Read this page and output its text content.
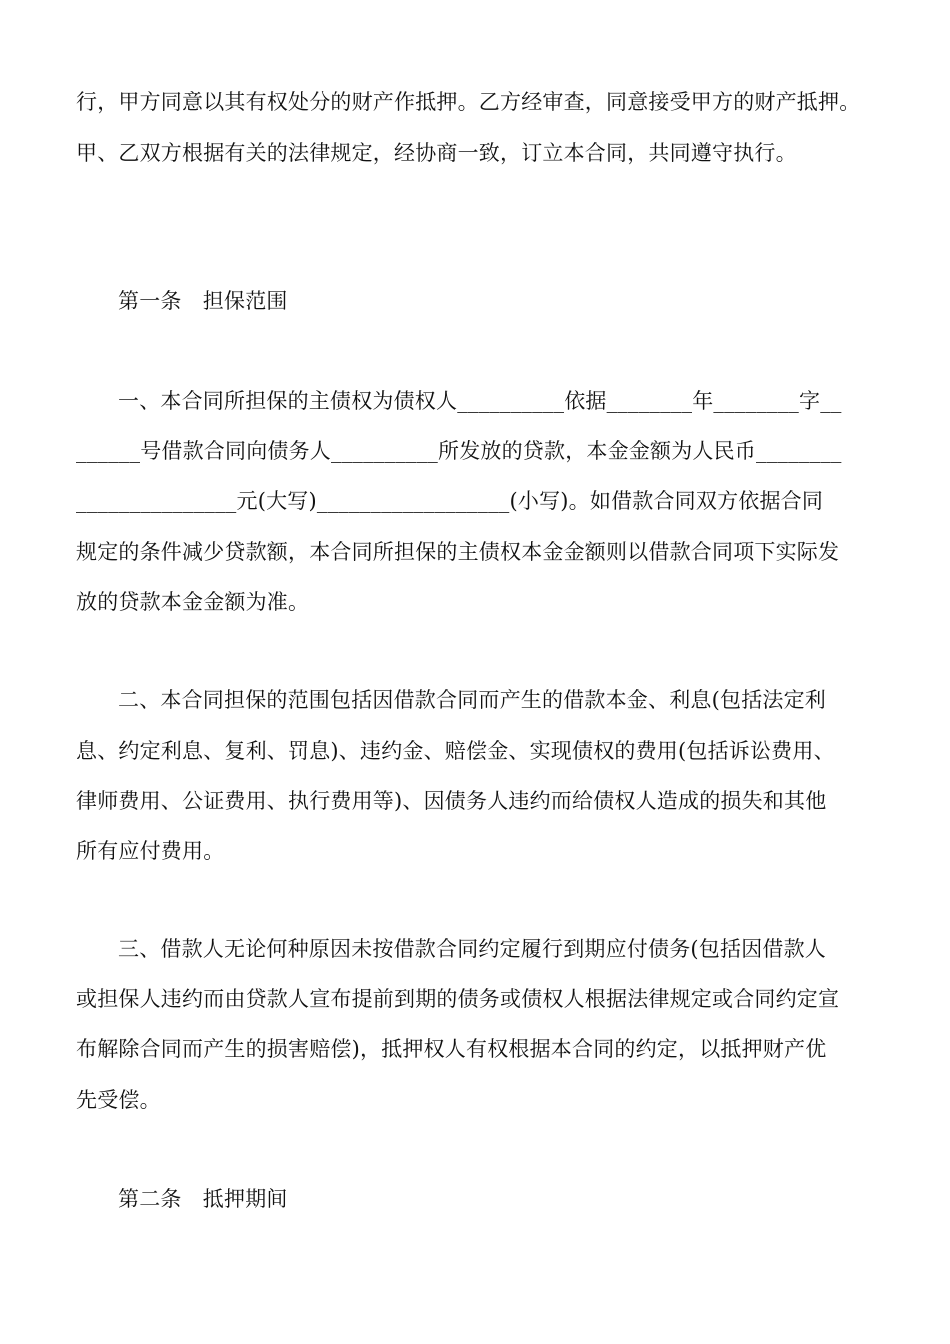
行，甲方同意以其有权处分的财产作抵押。乙方经审查，同意接受甲方的财产抵押。
甲、乙双方根据有关的法律规定，经协商一致，订立本合同，共同遵守执行。
第一条　担保范围
一、本合同所担保的主债权为债权人__________依据________年________字__
______号借款合同向债务人__________所发放的贷款，本金金额为人民币________
_______________元(大写)__________________(小写)。如借款合同双方依据合同
规定的条件减少贷款额，本合同所担保的主债权本金金额则以借款合同项下实际发
放的贷款本金金额为准。
二、本合同担保的范围包括因借款合同而产生的借款本金、利息(包括法定利
息、约定利息、复利、罚息)、违约金、赔偿金、实现债权的费用(包括诉讼费用、
律师费用、公证费用、执行费用等)、因债务人违约而给债权人造成的损失和其他
所有应付费用。
三、借款人无论何种原因未按借款合同约定履行到期应付债务(包括因借款人
或担保人违约而由贷款人宣布提前到期的债务或债权人根据法律规定或合同约定宣
布解除合同而产生的损害赔偿)，抵押权人有权根据本合同的约定，以抵押财产优
先受偿。
第二条　抵押期间
